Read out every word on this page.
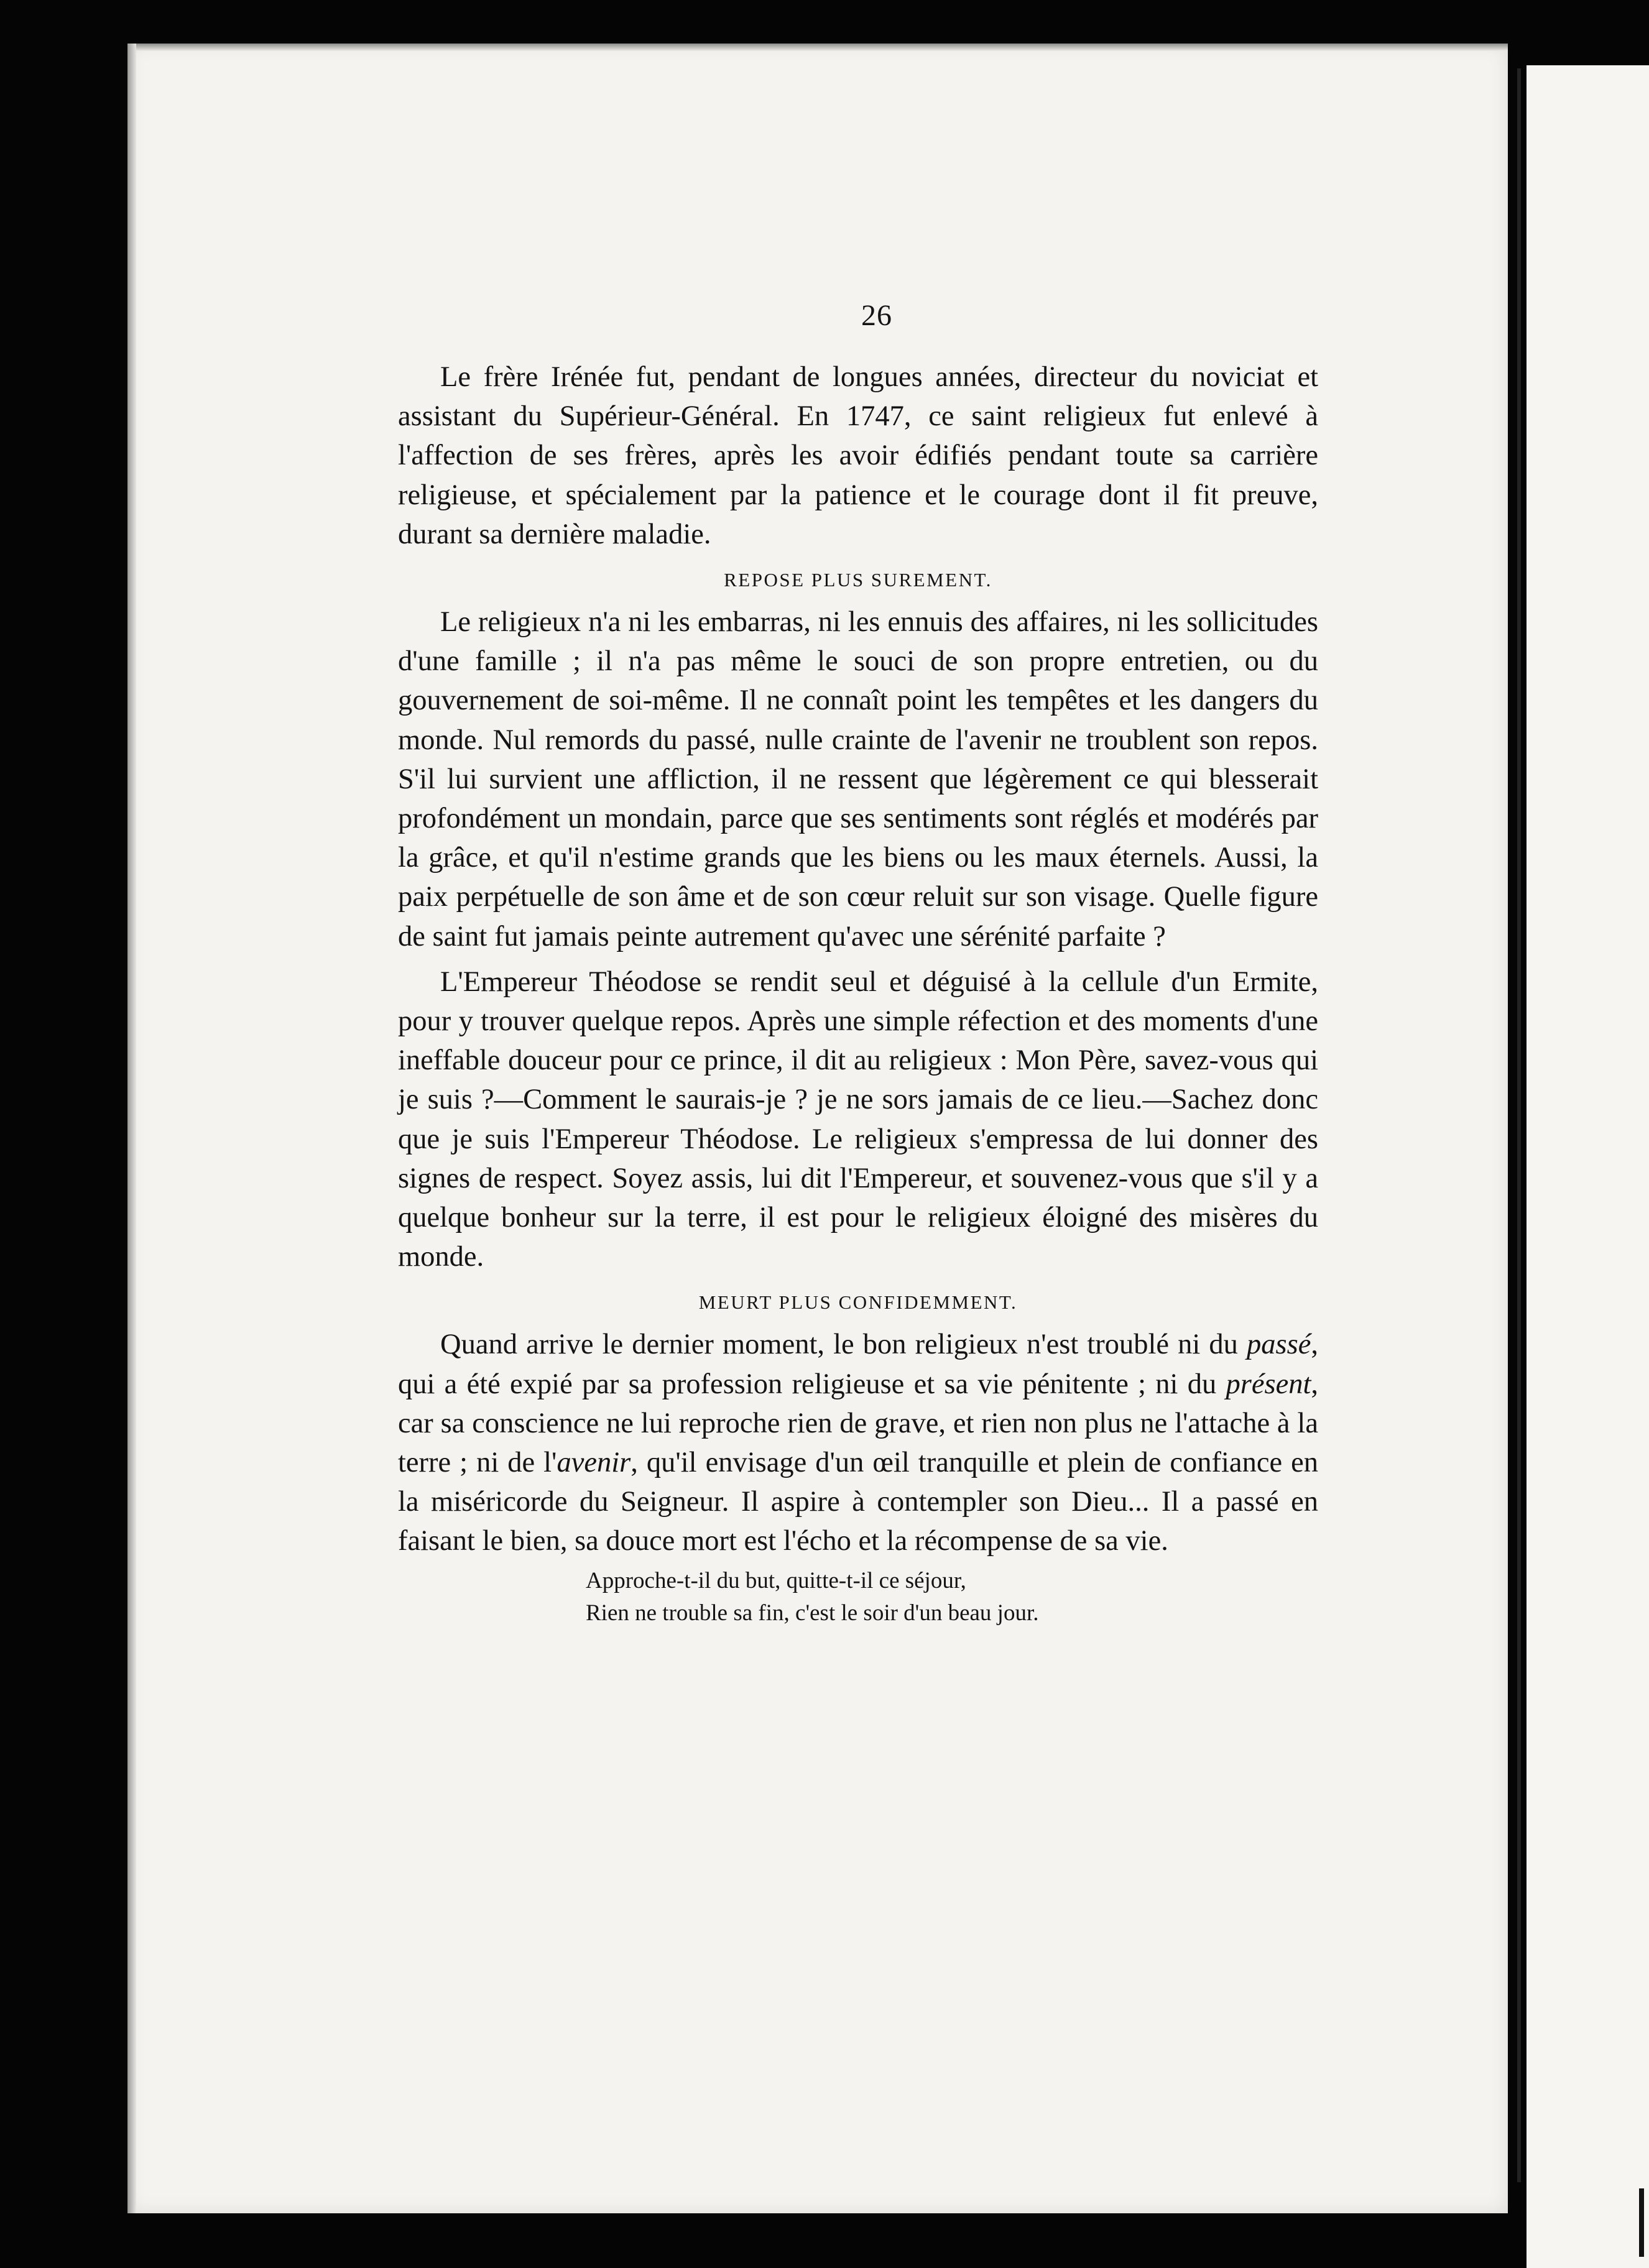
26

Le frère Irénée fut, pendant de longues années, directeur du noviciat et assistant du Supérieur-Général. En 1747, ce saint religieux fut enlevé à l'affection de ses frères, après les avoir édifiés pendant toute sa carrière religieuse, et spécialement par la patience et le courage dont il fit preuve, durant sa dernière maladie.

REPOSE PLUS SUREMENT.

Le religieux n'a ni les embarras, ni les ennuis des affaires, ni les sollicitudes d'une famille ; il n'a pas même le souci de son propre entretien, ou du gouvernement de soi-même. Il ne connaît point les tempêtes et les dangers du monde. Nul remords du passé, nulle crainte de l'avenir ne troublent son repos. S'il lui survient une affliction, il ne ressent que légèrement ce qui blesserait profondément un mondain, parce que ses sentiments sont réglés et modérés par la grâce, et qu'il n'estime grands que les biens ou les maux éternels. Aussi, la paix perpétuelle de son âme et de son cœur reluit sur son visage. Quelle figure de saint fut jamais peinte autrement qu'avec une sérénité parfaite ?

L'Empereur Théodose se rendit seul et déguisé à la cellule d'un Ermite, pour y trouver quelque repos. Après une simple réfection et des moments d'une ineffable douceur pour ce prince, il dit au religieux : Mon Père, savez-vous qui je suis ?—Comment le saurais-je ? je ne sors jamais de ce lieu.—Sachez donc que je suis l'Empereur Théodose. Le religieux s'empressa de lui donner des signes de respect. Soyez assis, lui dit l'Empereur, et souvenez-vous que s'il y a quelque bonheur sur la terre, il est pour le religieux éloigné des misères du monde.

MEURT PLUS CONFIDEMMENT.

Quand arrive le dernier moment, le bon religieux n'est troublé ni du passé, qui a été expié par sa profession religieuse et sa vie pénitente ; ni du présent, car sa conscience ne lui reproche rien de grave, et rien non plus ne l'attache à la terre ; ni de l'avenir, qu'il envisage d'un œil tranquille et plein de confiance en la miséricorde du Seigneur. Il aspire à contempler son Dieu... Il a passé en faisant le bien, sa douce mort est l'écho et la récompense de sa vie.

Approche-t-il du but, quitte-t-il ce séjour,
Rien ne trouble sa fin, c'est le soir d'un beau jour.
